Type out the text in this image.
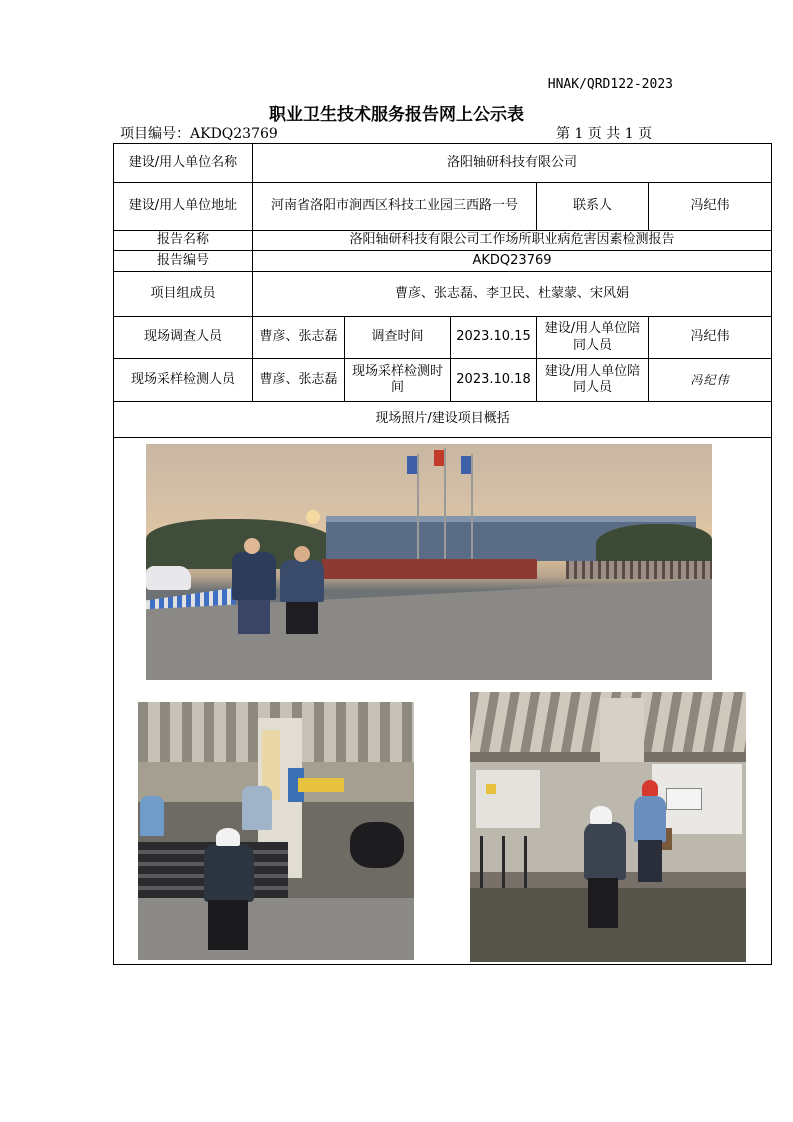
HNAK/QRD122-2023
职业卫生技术服务报告网上公示表
项目编号：AKDQ23769	第 1 页 共 1 页
建设/用人单位名称	洛阳轴研科技有限公司				
建设/用人单位地址	河南省洛阳市涧西区科技工业园三西路一号			联系人	冯纪伟
报告名称	洛阳轴研科技有限公司工作场所职业病危害因素检测报告				
报告编号	AKDQ23769				
项目组成员	曹彦、张志磊、李卫民、杜蒙蒙、宋风娟				
现场调查人员	曹彦、张志磊	调查时间	2023.10.15	建设/用人单位陪同人员	冯纪伟
现场采样检测人员	曹彦、张志磊	现场采样检测时间	2023.10.18	建设/用人单位陪同人员	冯纪伟
现场照片/建设项目概括					
